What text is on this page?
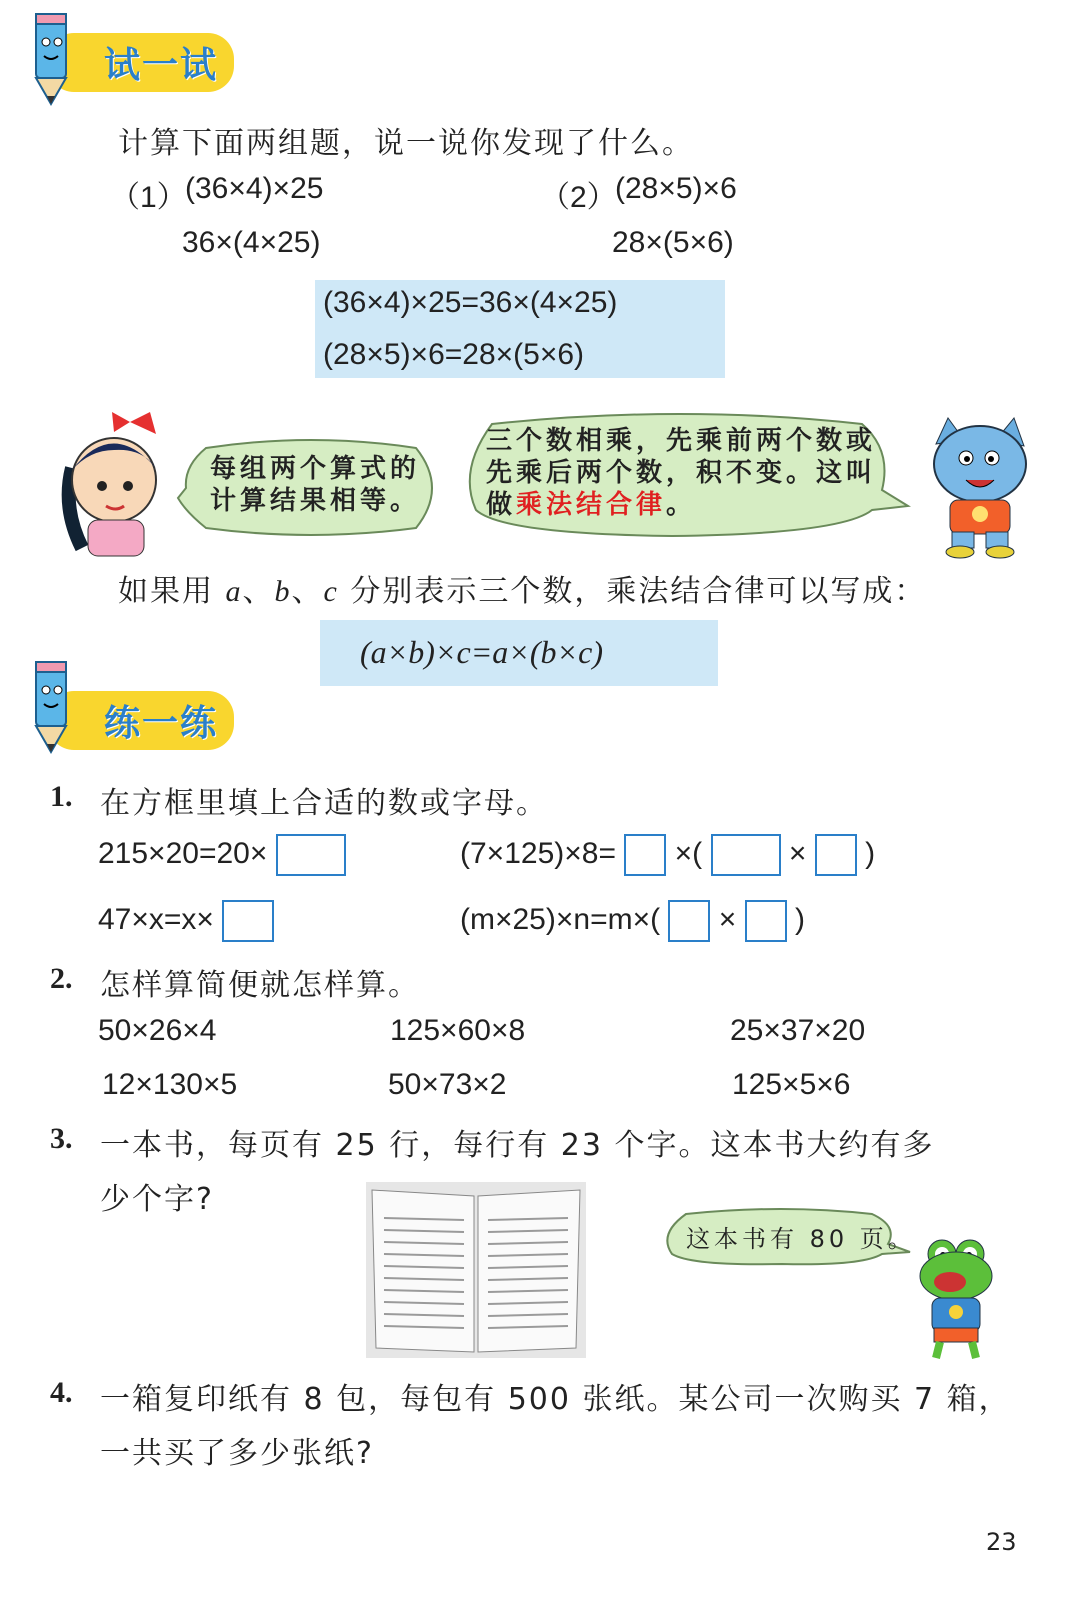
试一试
计算下面两组题，说一说你发现了什么。
（1）
(36×4)×25
36×(4×25)
（2）
(28×5)×6
28×(5×6)
(36×4)×25=36×(4×25)
(28×5)×6=28×(5×6)
每组两个算式的
计算结果相等。
三个数相乘，先乘前两个数或
先乘后两个数，积不变。这叫
做乘法结合律。
如果用 a、b、c 分别表示三个数，乘法结合律可以写成：
(a×b)×c=a×(b×c)
练一练
1. 在方框里填上合适的数或字母。
215×20=20×	(7×125)×8= ×(	× )
47×x=x×	(m×25)×n=m×( × )
2. 怎样算简便就怎样算。
50×26×4	125×60×8	25×37×20
12×130×5	50×73×2	125×5×6
3. 一本书，每页有 25 行，每行有 23 个字。这本书大约有多
少个字?
这本书有 80 页。
4. 一箱复印纸有 8 包，每包有 500 张纸。某公司一次购买 7 箱，
一共买了多少张纸?
23
